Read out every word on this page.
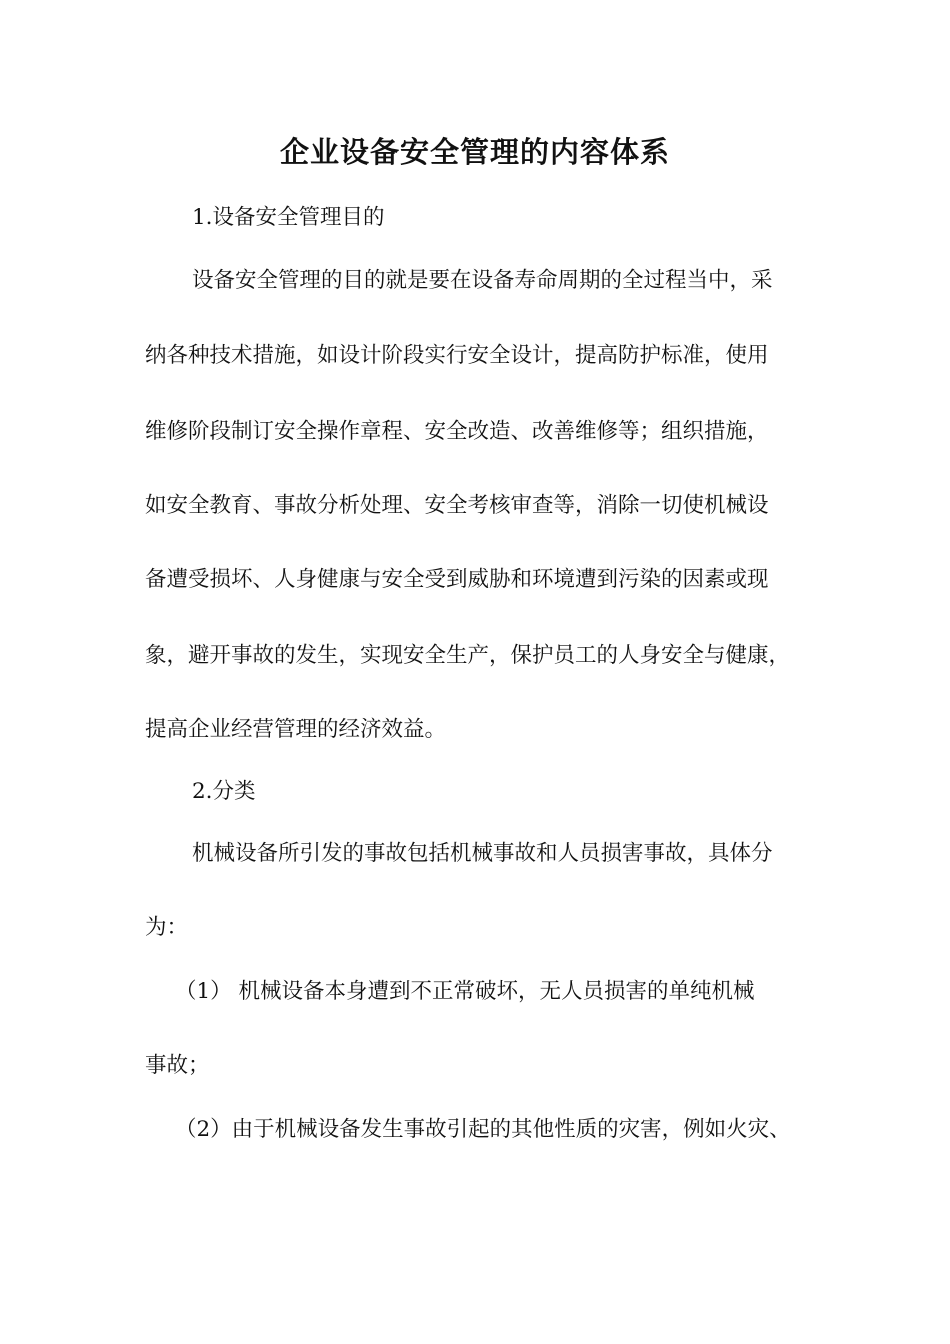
企业设备安全管理的内容体系

1.设备安全管理目的

设备安全管理的目的就是要在设备寿命周期的全过程当中，采

纳各种技术措施，如设计阶段实行安全设计，提高防护标准，使用

维修阶段制订安全操作章程、安全改造、改善维修等；组织措施，

如安全教育、事故分析处理、安全考核审查等，消除一切使机械设

备遭受损坏、人身健康与安全受到威胁和环境遭到污染的因素或现

象，避开事故的发生，实现安全生产，保护员工的人身安全与健康，

提高企业经营管理的经济效益。

2.分类

机械设备所引发的事故包括机械事故和人员损害事故，具体分

为：

（1） 机械设备本身遭到不正常破坏，无人员损害的单纯机械

事故；

（2）由于机械设备发生事故引起的其他性质的灾害，例如火灾、
